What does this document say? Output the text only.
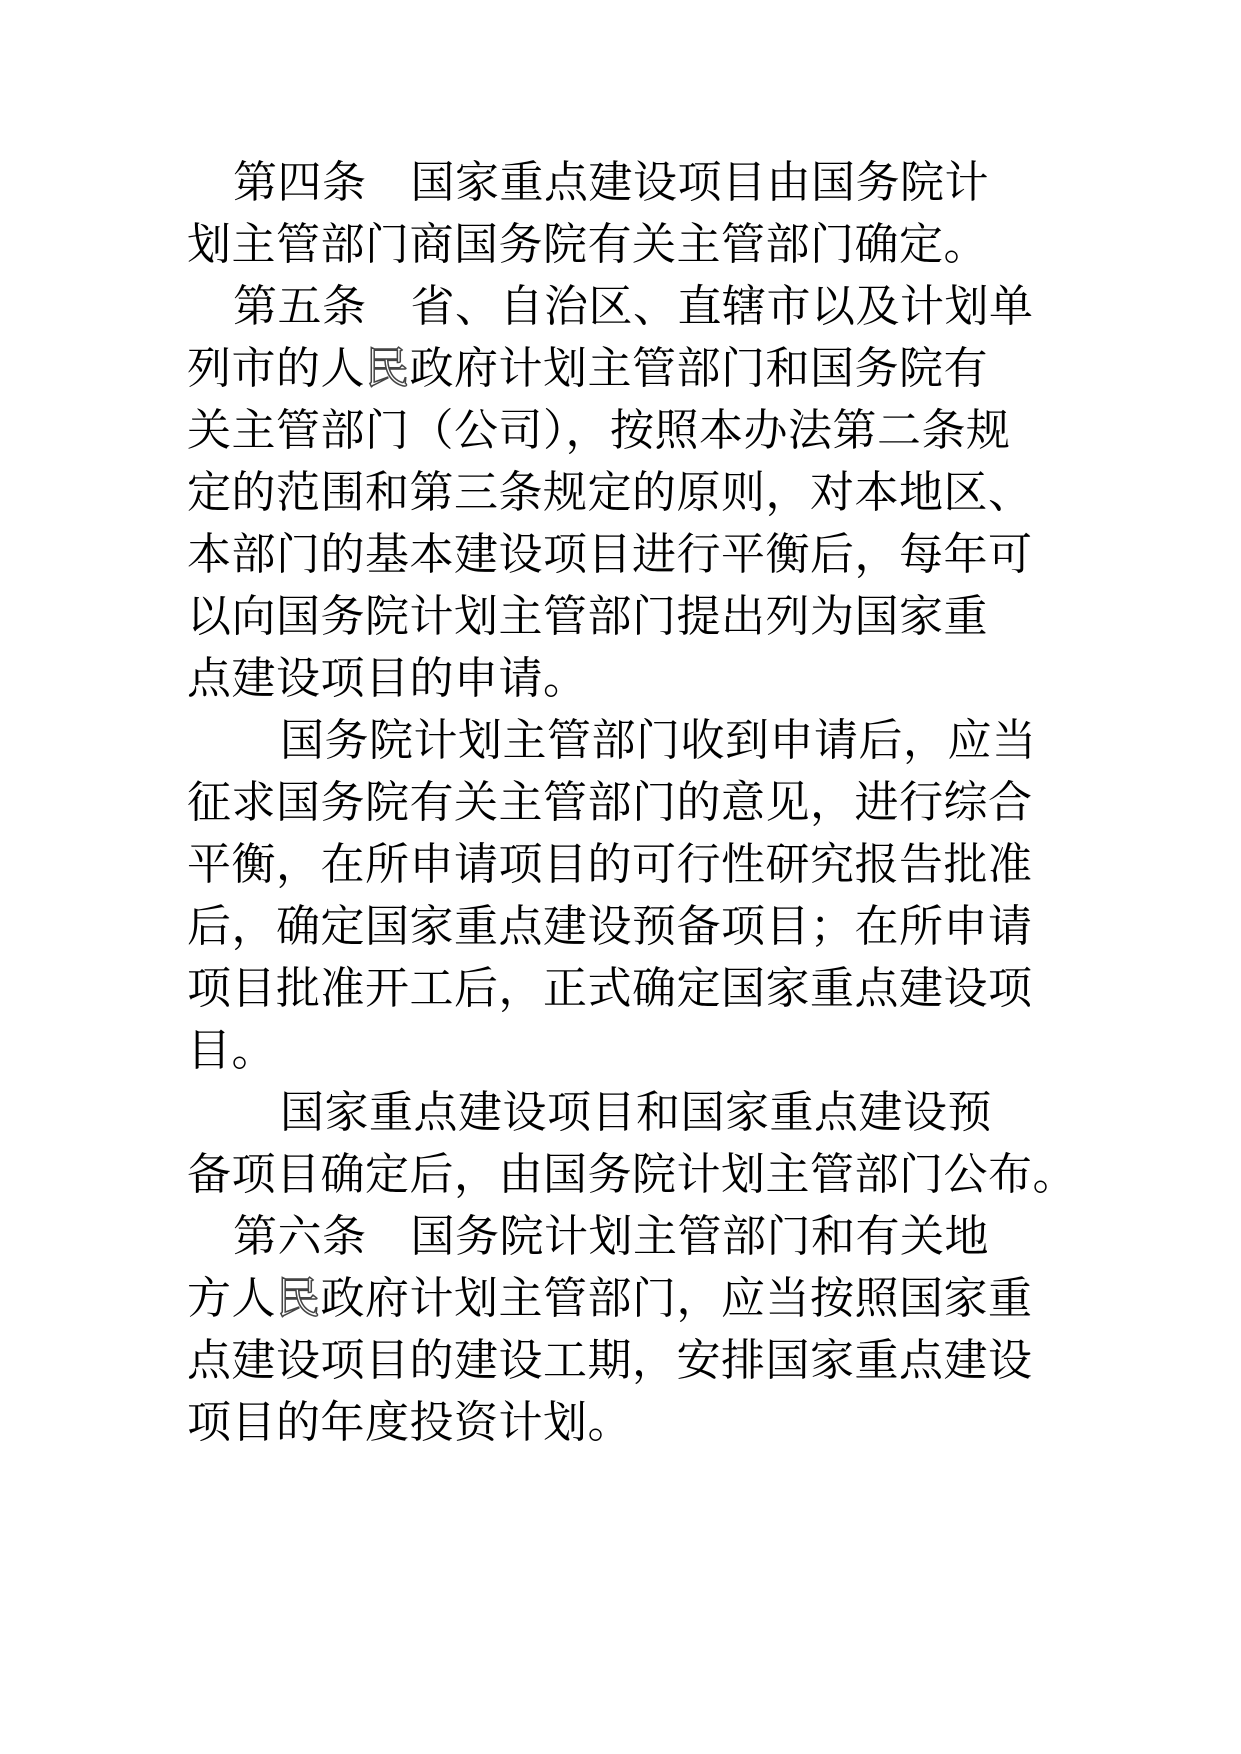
第四条 国家重点建设项目由国务院计
划主管部门商国务院有关主管部门确定。
第五条 省、自治区、直辖市以及计划单
列市的人民政府计划主管部门和国务院有
关主管部门（公司），按照本办法第二条规
定的范围和第三条规定的原则，对本地区、
本部门的基本建设项目进行平衡后，每年可
以向国务院计划主管部门提出列为国家重
点建设项目的申请。
国务院计划主管部门收到申请后，应当
征求国务院有关主管部门的意见，进行综合
平衡，在所申请项目的可行性研究报告批准
后，确定国家重点建设预备项目；在所申请
项目批准开工后，正式确定国家重点建设项
目。
国家重点建设项目和国家重点建设预
备项目确定后，由国务院计划主管部门公布。
第六条 国务院计划主管部门和有关地
方人民政府计划主管部门，应当按照国家重
点建设项目的建设工期，安排国家重点建设
项目的年度投资计划。
